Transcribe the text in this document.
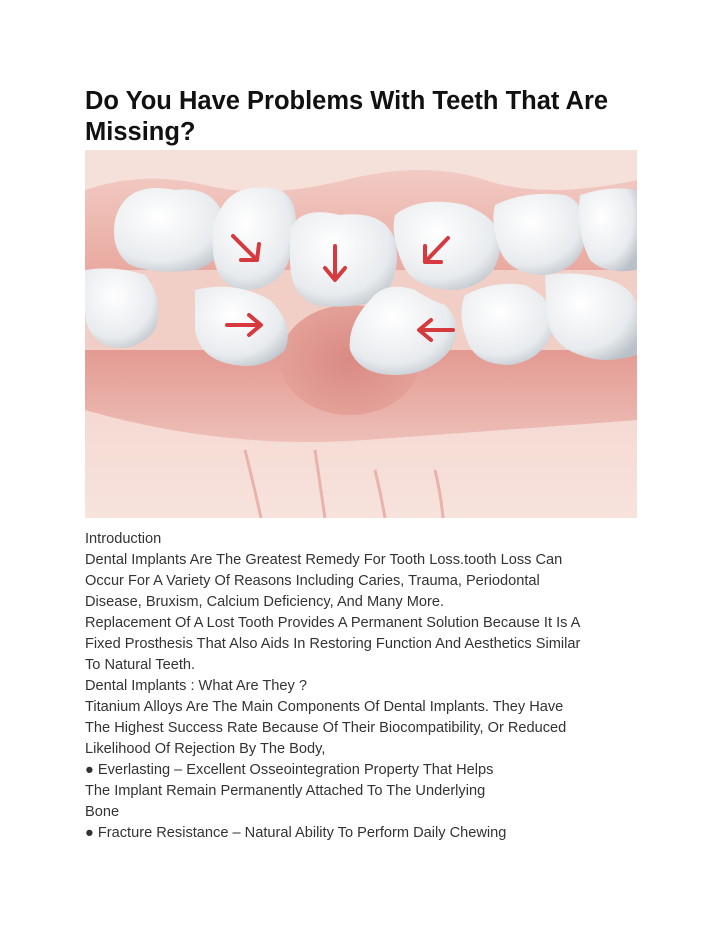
Do You Have Problems With Teeth That Are Missing?

Introduction

Dental Implants Are The Greatest Remedy For Tooth Loss.tooth Loss Can

Occur For A Variety Of Reasons Including Caries, Trauma, Periodontal

Disease, Bruxism, Calcium Deficiency, And Many More.

Replacement Of A Lost Tooth Provides A Permanent Solution Because It Is A

Fixed Prosthesis That Also Aids In Restoring Function And Aesthetics Similar

To Natural Teeth.

Dental Implants : What Are They ?

Titanium Alloys Are The Main Components Of Dental Implants. They Have

The Highest Success Rate Because Of Their Biocompatibility, Or Reduced

Likelihood Of Rejection By The Body,

● Everlasting – Excellent Osseointegration Property That Helps

The Implant Remain Permanently Attached To The Underlying

Bone

● Fracture Resistance – Natural Ability To Perform Daily Chewing
